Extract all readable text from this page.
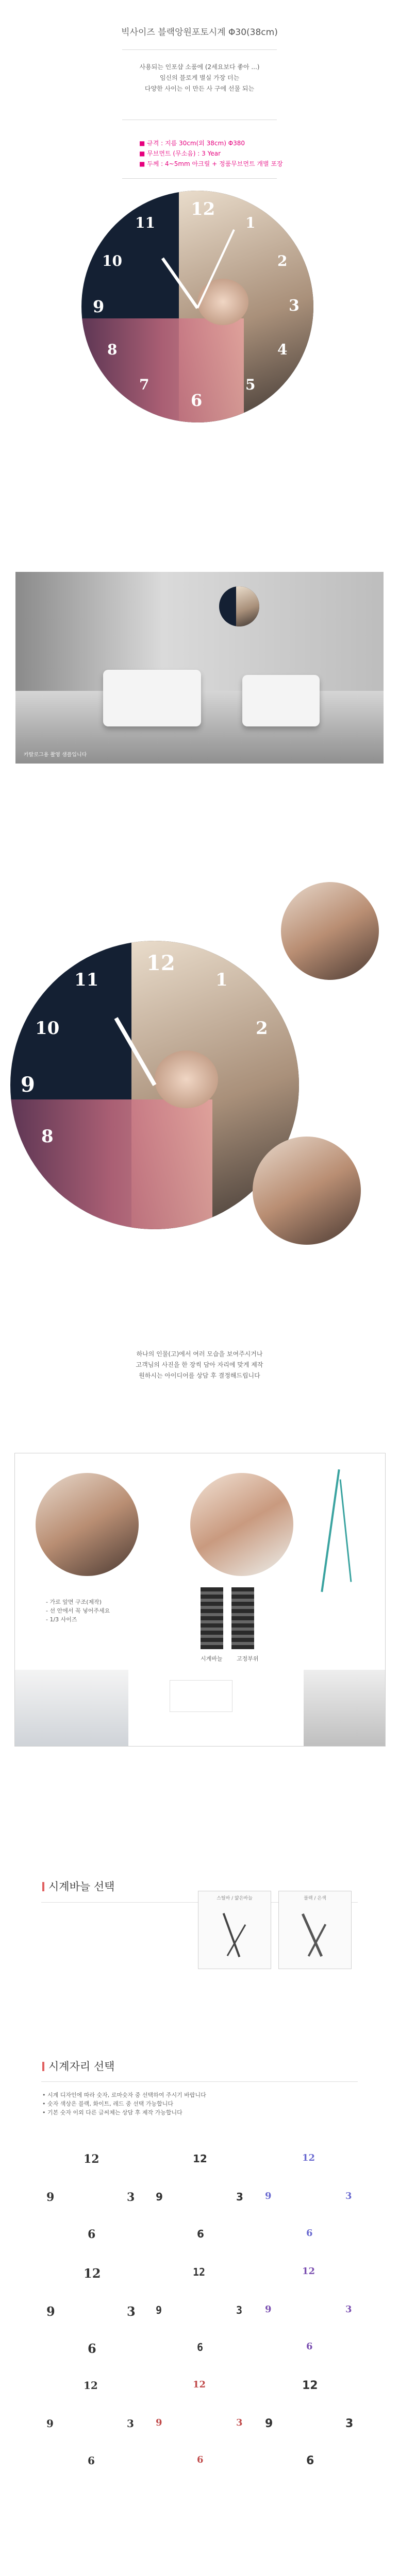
빅사이즈 블랙앙원포토시계 Φ30(38cm)
사용되는 인포샵 소품에 (2세요보다 좋아 ...)
임신의 블로게 별실 가장 더는
다양한 사이는 이 만든 사 구에 선물 되는
■ 규격 : 지름 30cm(외 38cm) Φ380
■ 무브먼트 (무소음) : 3 Year
■ 두께 : 4~5mm 아크릴 + 정품무브먼트 개별 포장
12
1
2
3
4
5
6
7
8
9
10
11
카탈로그용 촬영 샘플입니다
12
1
2
9
10
11
8
하나의 인물(고)에서 여러 모습을 보여주시거나
고객님의 사진을 한 장씩 담아 자리에 맞게 제작
원하시는 아이디어를 상담 후 결정해드립니다
- 가로 앞면 구조(제작)
- 선 안에서 꼭 넣어주세요
- 1/3 사이즈
시계바늘 고정부위
시계바늘 선택
스틸바 / 얇은바늘	블랙 / 은색
시계자리 선택
• 시계 디자인에 따라 숫자, 로마숫자 중 선택하여 주시기 바랍니다
• 숫자 색상은 블랙, 화이트, 레드 중 선택 가능합니다
• 기본 숫자 이외 다른 글씨체는 상담 후 제작 가능합니다
12
6
9	3
12
6
9	3
12
6
9	3
12
6
9	3
12
6
9	3
12
6
9	3
12
6
9	3
12
6
9	3
12
6
9	3
